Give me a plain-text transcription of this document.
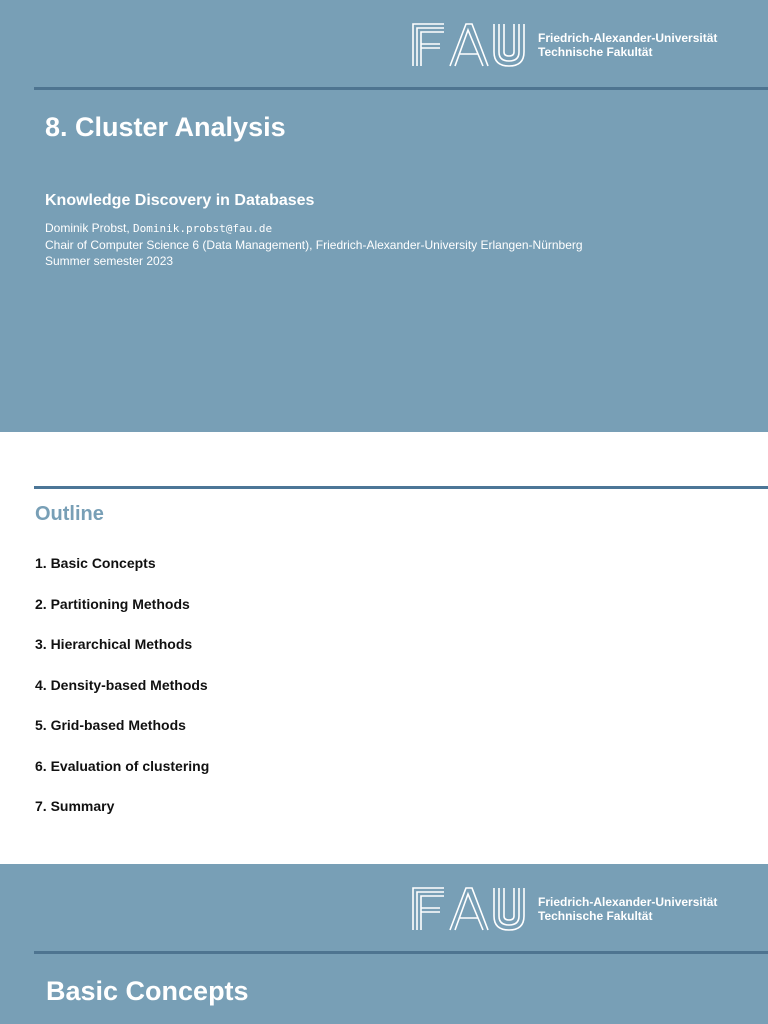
Friedrich-Alexander-Universität
Technische Fakultät
8. Cluster Analysis
Knowledge Discovery in Databases
Dominik Probst, Dominik.probst@fau.de
Chair of Computer Science 6 (Data Management), Friedrich-Alexander-University Erlangen-Nürnberg
Summer semester 2023
Outline
1. Basic Concepts
2. Partitioning Methods
3. Hierarchical Methods
4. Density-based Methods
5. Grid-based Methods
6. Evaluation of clustering
7. Summary
Friedrich-Alexander-Universität
Technische Fakultät
Basic Concepts
